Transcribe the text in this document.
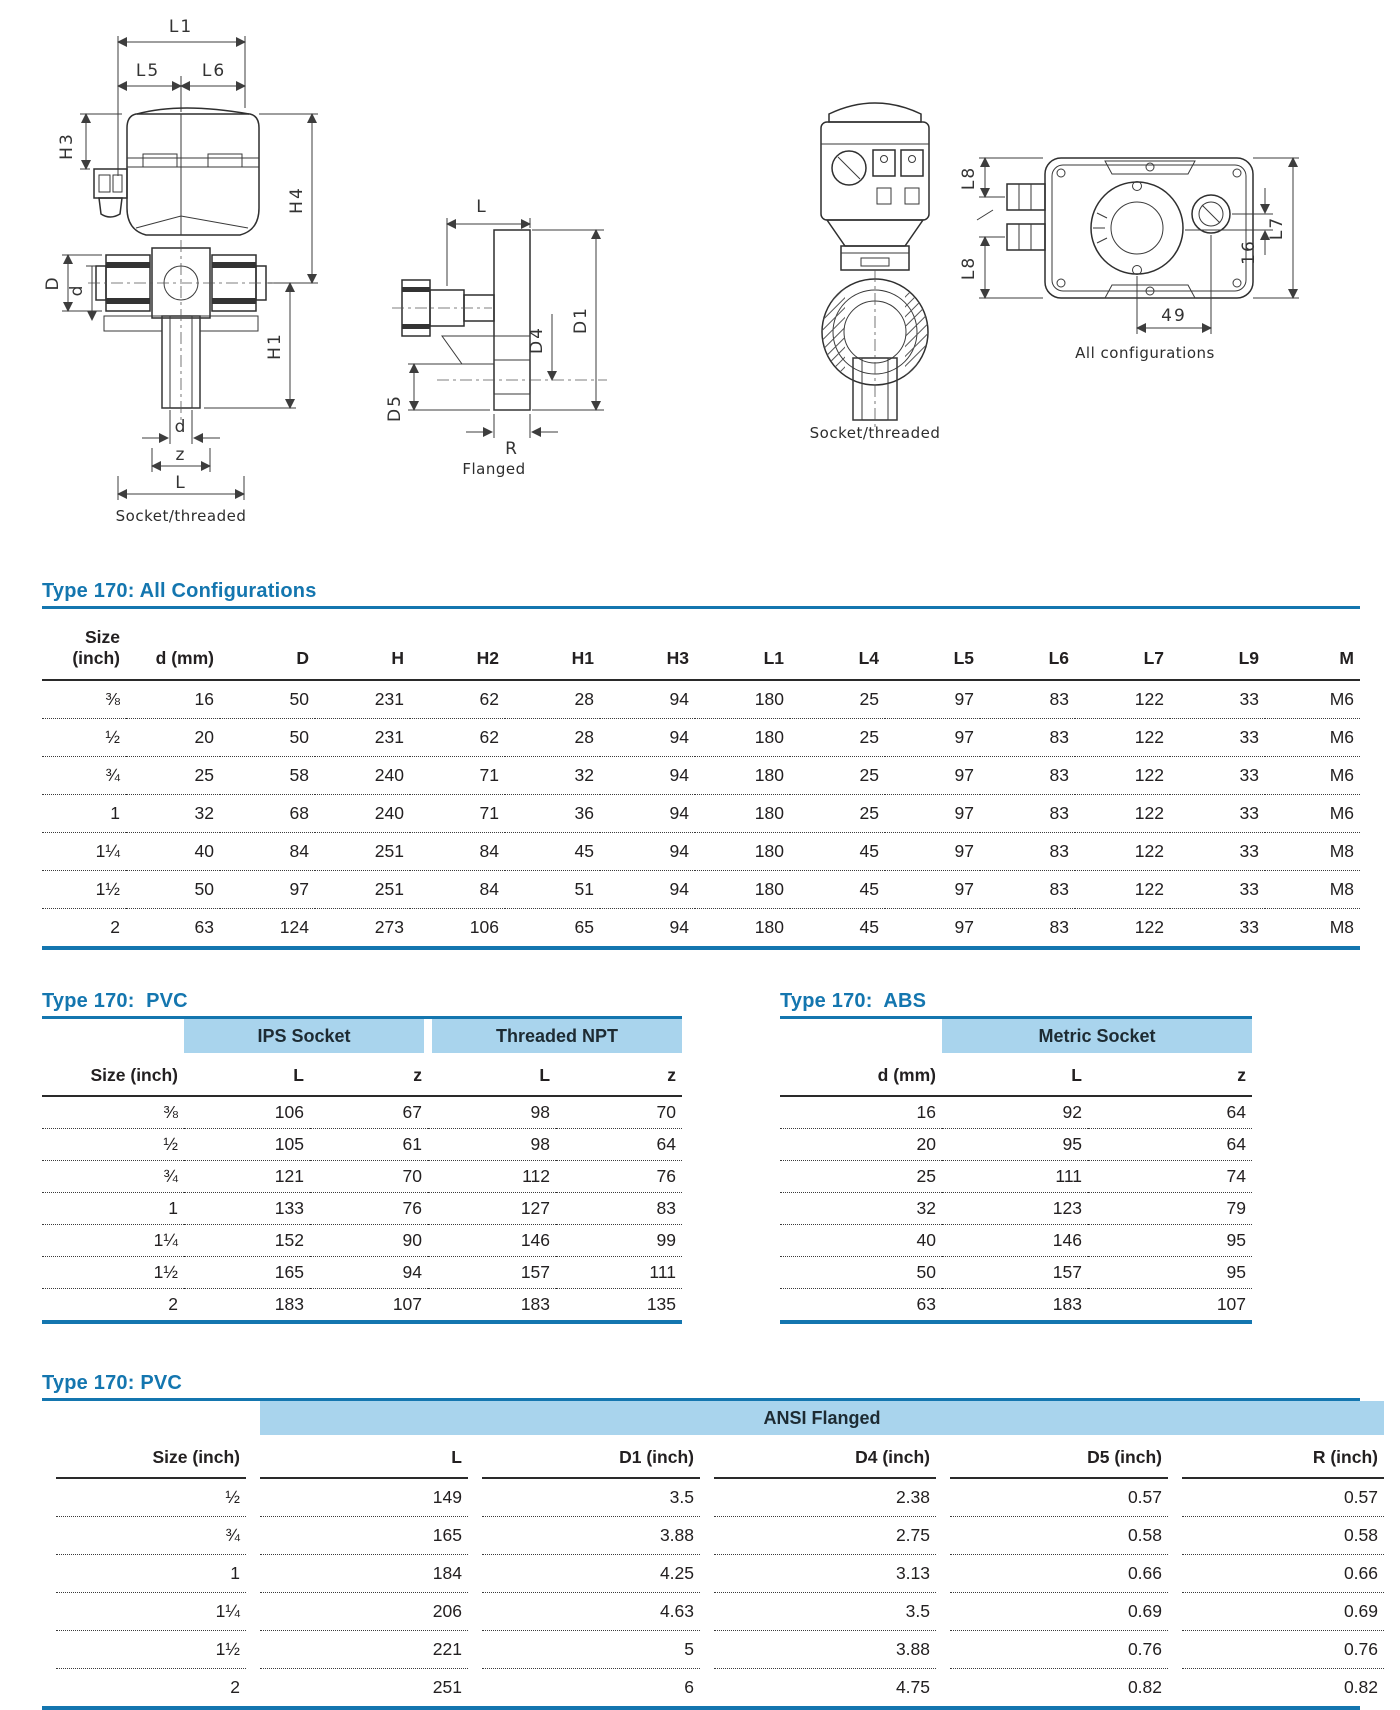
L1
L5 L6
H3
H4
H1
D d
d
z
L
Socket/threaded
L
D1
D4
D5
R
Flanged
Socket/threaded
L8
L8
16
L7
49
All configurations
Type 170: All Configurations
Size
(inch)	d (mm)	D	H	H2	H1	H3	L1	L4	L5	L6	L7	L9	M
⅜	16	50	231	62	28	94	180	25	97	83	122	33	M6
½	20	50	231	62	28	94	180	25	97	83	122	33	M6
¾	25	58	240	71	32	94	180	25	97	83	122	33	M6
1	32	68	240	71	36	94	180	25	97	83	122	33	M6
1¼	40	84	251	84	45	94	180	45	97	83	122	33	M8
1½	50	97	251	84	51	94	180	45	97	83	122	33	M8
2	63	124	273	106	65	94	180	45	97	83	122	33	M8
Type 170:  PVC
	IPS Socket		Threaded NPT	
Size (inch)	L	z	L	z
⅜	106	67	98	70
½	105	61	98	64
¾	121	70	112	76
1	133	76	127	83
1¼	152	90	146	99
1½	165	94	157	111
2	183	107	183	135
Type 170:  ABS
	Metric Socket	
d (mm)	L	z
16	92	64
20	95	64
25	111	74
32	123	79
40	146	95
50	157	95
63	183	107
Type 170: PVC
	ANSI Flanged				
Size (inch)	L	D1 (inch)	D4 (inch)	D5 (inch)	R (inch)
½	149	3.5	2.38	0.57	0.57
¾	165	3.88	2.75	0.58	0.58
1	184	4.25	3.13	0.66	0.66
1¼	206	4.63	3.5	0.69	0.69
1½	221	5	3.88	0.76	0.76
2	251	6	4.75	0.82	0.82
